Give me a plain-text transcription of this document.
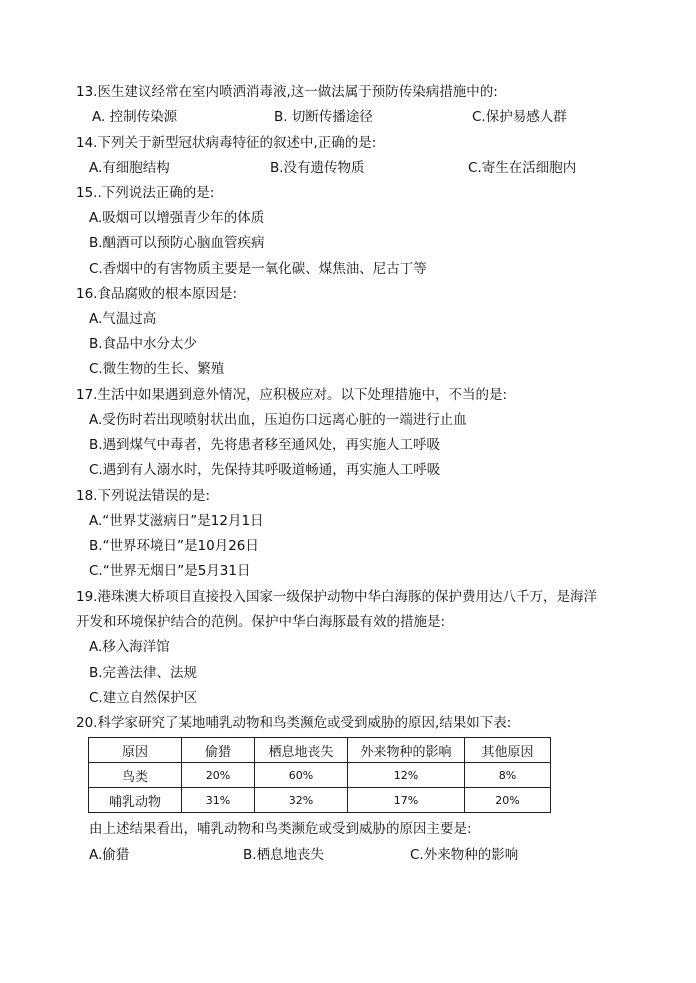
13.医生建议经常在室内喷洒消毒液,这一做法属于预防传染病措施中的:
A. 控制传染源	B. 切断传播途径	C.保护易感人群
14.下列关于新型冠状病毒特征的叙述中,正确的是:
A.有细胞结构	B.没有遗传物质	C.寄生在活细胞内
15..下列说法正确的是:
A.吸烟可以增强青少年的体质
B.酗酒可以预防心脑血管疾病
C.香烟中的有害物质主要是一氧化碳、煤焦油、尼古丁等
16.食品腐败的根本原因是:
A.气温过高
B.食品中水分太少
C.微生物的生长、繁殖
17.生活中如果遇到意外情况，应积极应对。以下处理措施中，不当的是:
A.受伤时若出现喷射状出血，压迫伤口远离心脏的一端进行止血
B.遇到煤气中毒者，先将患者移至通风处，再实施人工呼吸
C.遇到有人溺水时，先保持其呼吸道畅通，再实施人工呼吸
18.下列说法错误的是:
A.“世界艾滋病日”是12月1日
B.“世界环境日”是10月26日
C.“世界无烟日”是5月31日
19.港珠澳大桥项目直接投入国家一级保护动物中华白海豚的保护费用达八千万，是海洋
开发和环境保护结合的范例。保护中华白海豚最有效的措施是:
A.移入海洋馆
B.完善法律、法规
C.建立自然保护区
20.科学家研究了某地哺乳动物和鸟类濒危或受到威胁的原因,结果如下表:
原因	偷猎	栖息地丧失	外来物种的影响	其他原因
鸟类	20%	60%	12%	8%
哺乳动物	31%	32%	17%	20%
由上述结果看出，哺乳动物和鸟类濒危或受到威胁的原因主要是:
A.偷猎	B.栖息地丧失	C.外来物种的影响
